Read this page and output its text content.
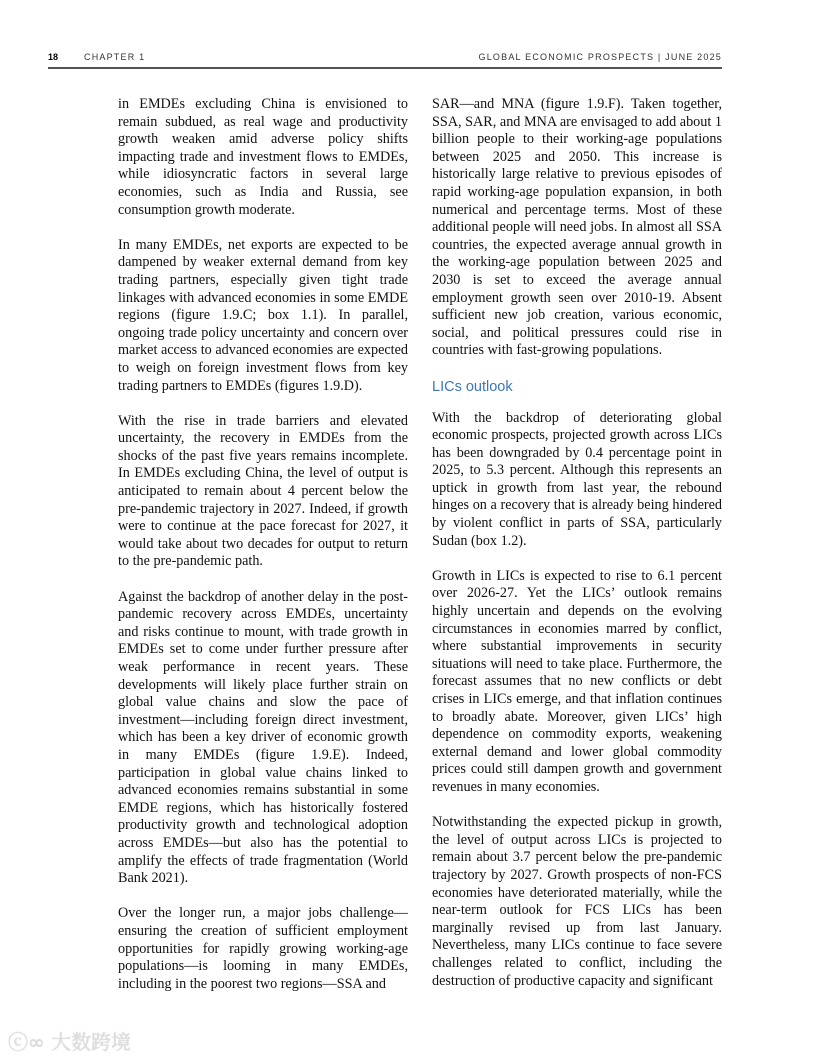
18	CHAPTER 1	GLOBAL ECONOMIC PROSPECTS | JUNE 2025

in EMDEs excluding China is envisioned to remain subdued, as real wage and productivity growth weaken amid adverse policy shifts impacting trade and investment flows to EMDEs, while idiosyncratic factors in several large economies, such as India and Russia, see consumption growth moderate.

In many EMDEs, net exports are expected to be dampened by weaker external demand from key trading partners, especially given tight trade linkages with advanced economies in some EMDE regions (figure 1.9.C; box 1.1). In parallel, ongoing trade policy uncertainty and concern over market access to advanced economies are expected to weigh on foreign investment flows from key trading partners to EMDEs (figures 1.9.D).

With the rise in trade barriers and elevated uncertainty, the recovery in EMDEs from the shocks of the past five years remains incomplete. In EMDEs excluding China, the level of output is anticipated to remain about 4 percent below the pre-pandemic trajectory in 2027. Indeed, if growth were to continue at the pace forecast for 2027, it would take about two decades for output to return to the pre-pandemic path.

Against the backdrop of another delay in the post-pandemic recovery across EMDEs, uncertainty and risks continue to mount, with trade growth in EMDEs set to come under further pressure after weak performance in recent years. These developments will likely place further strain on global value chains and slow the pace of investment—including foreign direct investment, which has been a key driver of economic growth in many EMDEs (figure 1.9.E). Indeed, participation in global value chains linked to advanced economies remains substantial in some EMDE regions, which has historically fostered productivity growth and technological adoption across EMDEs—but also has the potential to amplify the effects of trade fragmentation (World Bank 2021).

Over the longer run, a major jobs challenge—ensuring the creation of sufficient employment opportunities for rapidly growing working-age populations—is looming in many EMDEs, including in the poorest two regions—SSA and

SAR—and MNA (figure 1.9.F). Taken together, SSA, SAR, and MNA are envisaged to add about 1 billion people to their working-age populations between 2025 and 2050. This increase is historically large relative to previous episodes of rapid working-age population expansion, in both numerical and percentage terms. Most of these additional people will need jobs. In almost all SSA countries, the expected average annual growth in the working-age population between 2025 and 2030 is set to exceed the average annual employment growth seen over 2010-19. Absent sufficient new job creation, various economic, social, and political pressures could rise in countries with fast-growing populations.

LICs outlook

With the backdrop of deteriorating global economic prospects, projected growth across LICs has been downgraded by 0.4 percentage point in 2025, to 5.3 percent. Although this represents an uptick in growth from last year, the rebound hinges on a recovery that is already being hindered by violent conflict in parts of SSA, particularly Sudan (box 1.2).

Growth in LICs is expected to rise to 6.1 percent over 2026-27. Yet the LICs’ outlook remains highly uncertain and depends on the evolving circumstances in economies marred by conflict, where substantial improvements in security situations will need to take place. Furthermore, the forecast assumes that no new conflicts or debt crises in LICs emerge, and that inflation continues to broadly abate. Moreover, given LICs’ high dependence on commodity exports, weakening external demand and lower global commodity prices could still dampen growth and government revenues in many economies.

Notwithstanding the expected pickup in growth, the level of output across LICs is projected to remain about 3.7 percent below the pre-pandemic trajectory by 2027. Growth prospects of non-FCS economies have deteriorated materially, while the near-term outlook for FCS LICs has been marginally revised up from last January. Nevertheless, many LICs continue to face severe challenges related to conflict, including the destruction of productive capacity and significant

ⓒ∞ 大数跨境
